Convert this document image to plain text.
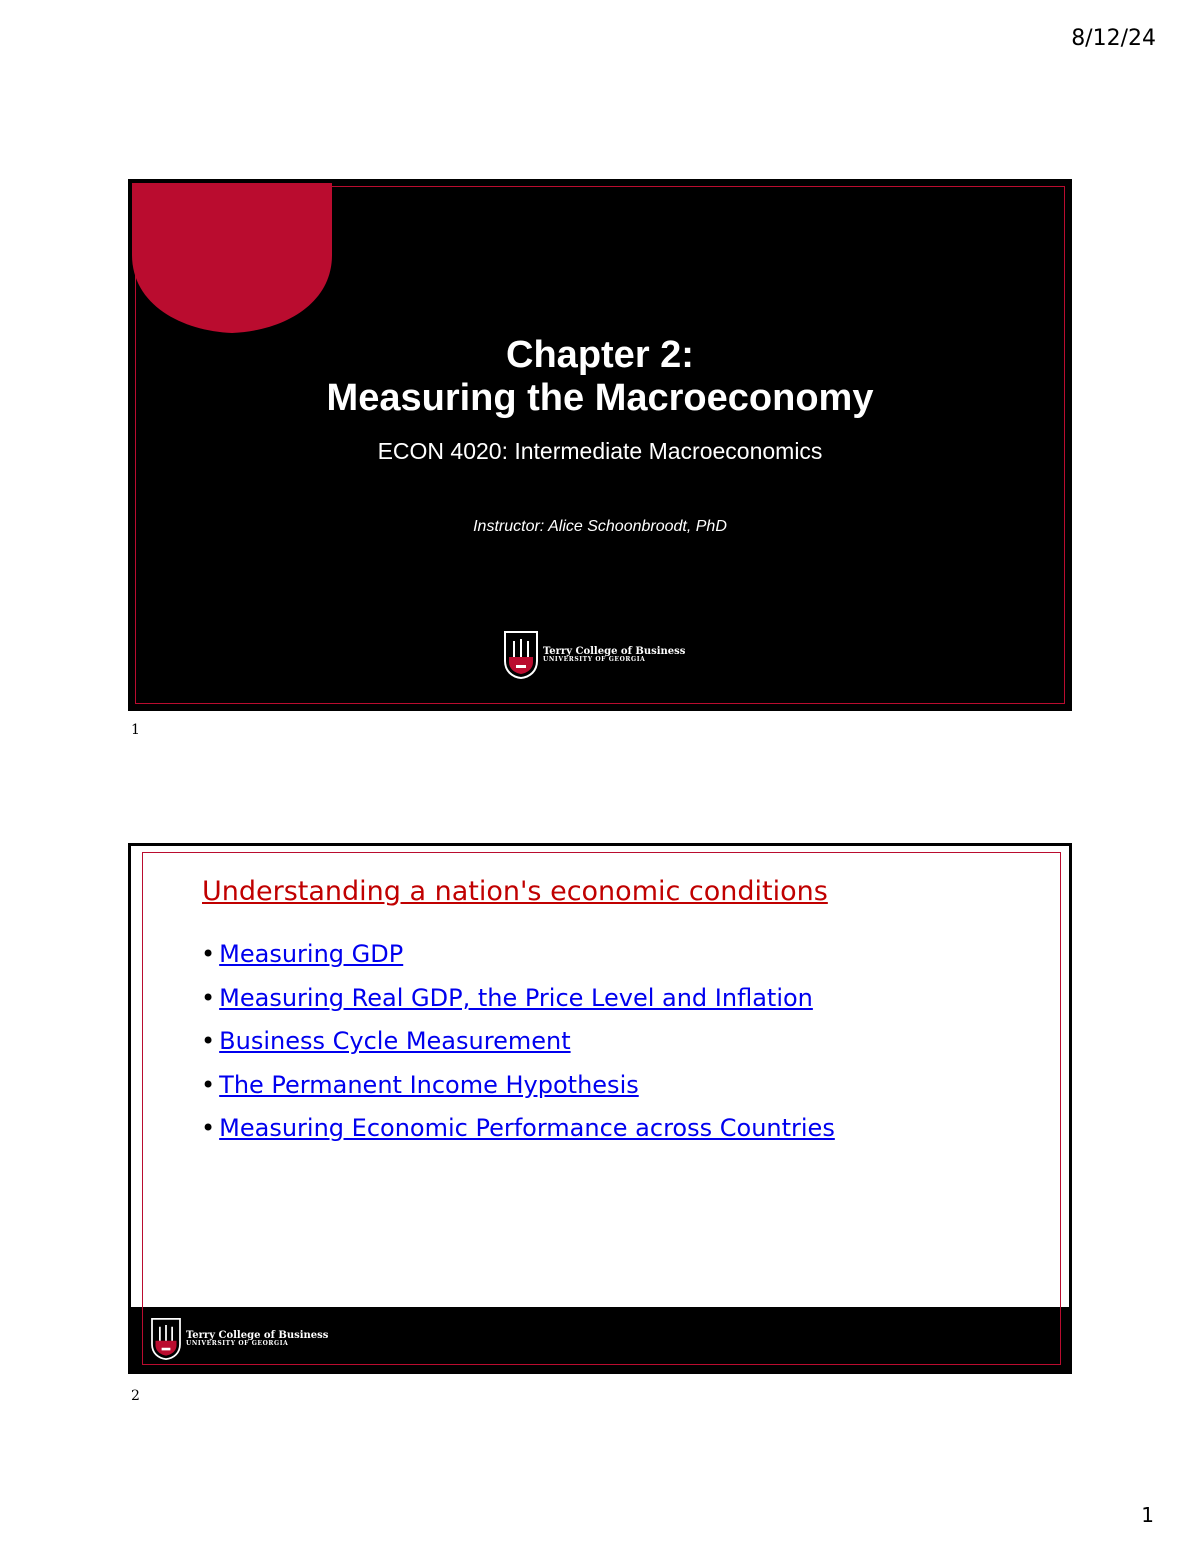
8/12/24
Chapter 2:
Measuring the Macroeconomy
ECON 4020: Intermediate Macroeconomics
Instructor: Alice Schoonbroodt, PhD
Terry College of Business
UNIVERSITY OF GEORGIA
1
Understanding a nation's economic conditions
• Measuring GDP
• Measuring Real GDP, the Price Level and Inflation
• Business Cycle Measurement
• The Permanent Income Hypothesis
• Measuring Economic Performance across Countries
Terry College of Business
UNIVERSITY OF GEORGIA
2
1
